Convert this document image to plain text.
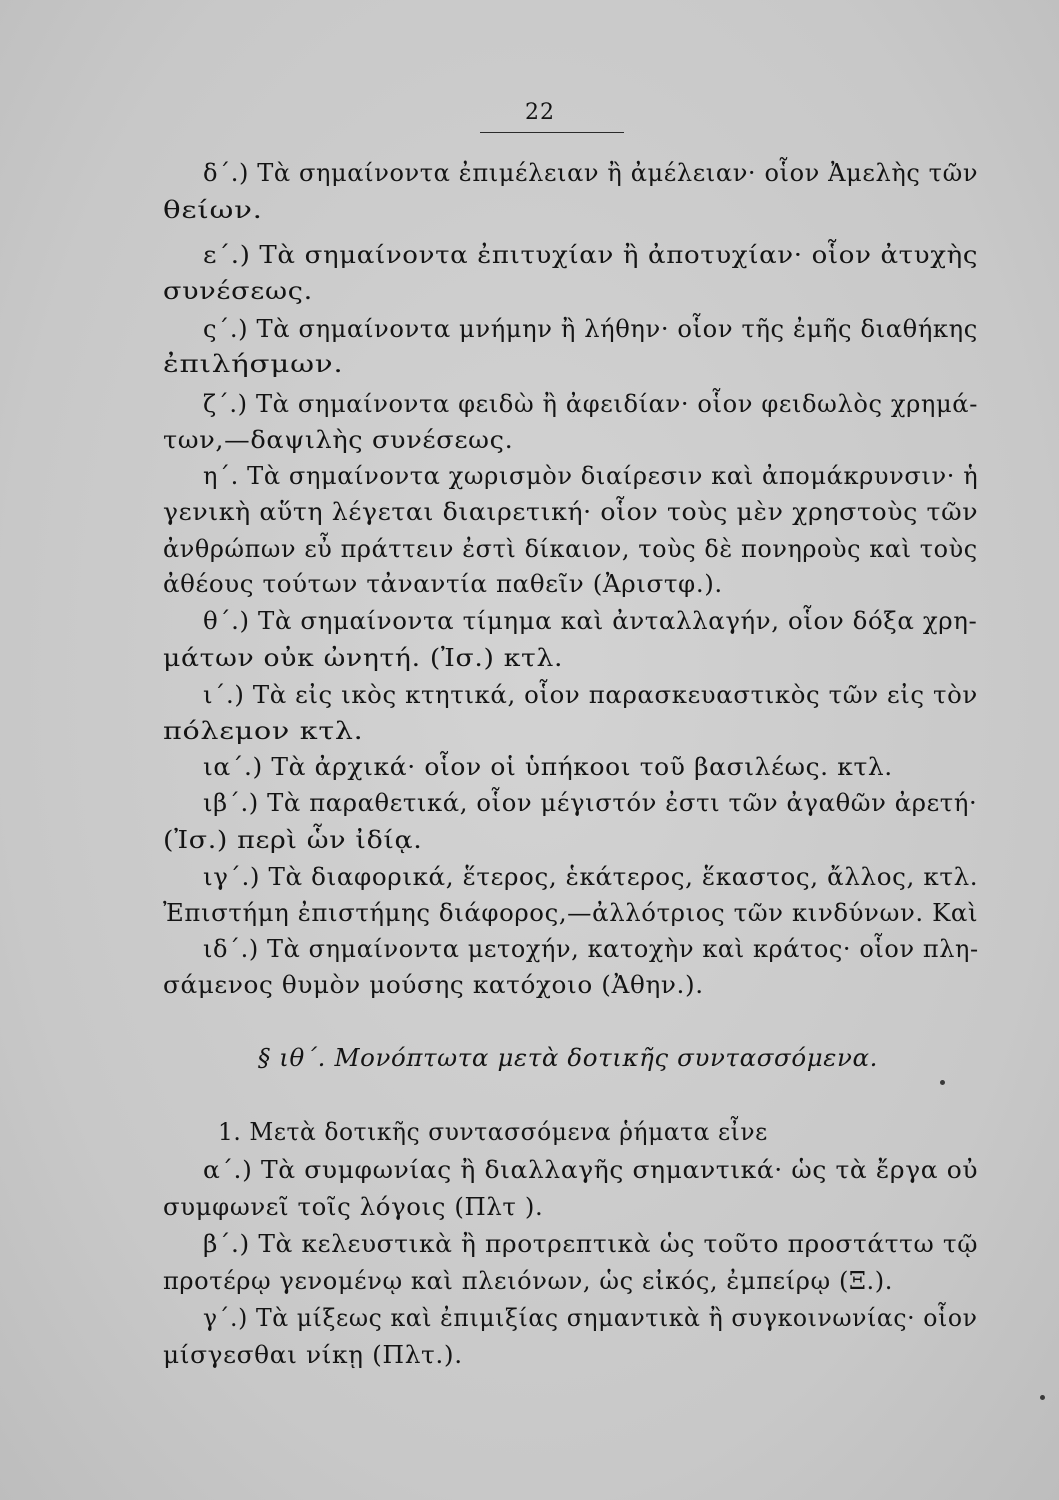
22
δ΄.) Τὰ σημαίνοντα ἐπιμέλειαν ἢ ἀμέλειαν· οἷον Ἀμελὴς τῶν
θείων.
ε΄.) Τὰ σημαίνοντα ἐπιτυχίαν ἢ ἀποτυχίαν· οἷον ἀτυχὴς
συνέσεως.
ς΄.) Τὰ σημαίνοντα μνήμην ἢ λήθην· οἷον τῆς ἐμῆς διαθήκης
ἐπιλήσμων.
ζ΄.) Τὰ σημαίνοντα φειδὼ ἢ ἀφειδίαν· οἷον φειδωλὸς χρημά-
των,—δαψιλὴς συνέσεως.
η΄. Τὰ σημαίνοντα χωρισμὸν διαίρεσιν καὶ ἀπομάκρυνσιν· ἡ
γενικὴ αὕτη λέγεται διαιρετική· οἷον τοὺς μὲν χρηστοὺς τῶν
ἀνθρώπων εὖ πράττειν ἐστὶ δίκαιον, τοὺς δὲ πονηροὺς καὶ τοὺς
ἀθέους τούτων τἀναντία παθεῖν (Ἀριστφ.).
θ΄.) Τὰ σημαίνοντα τίμημα καὶ ἀνταλλαγήν, οἷον δόξα χρη-
μάτων οὐκ ὠνητή. (Ἰσ.) κτλ.
ι΄.) Τὰ εἰς ικὸς κτητικά, οἷον παρασκευαστικὸς τῶν εἰς τὸν
πόλεμον κτλ.
ια΄.) Τὰ ἀρχικά· οἷον οἱ ὑπήκοοι τοῦ βασιλέως. κτλ.
ιβ΄.) Τὰ παραθετικά, οἷον μέγιστόν ἐστι τῶν ἀγαθῶν ἀρετή·
(Ἰσ.) περὶ ὧν ἰδίᾳ.
ιγ΄.) Τὰ διαφορικά, ἕτερος, ἑκάτερος, ἕκαστος, ἄλλος, κτλ.
Ἐπιστήμη ἐπιστήμης διάφορος,—ἀλλότριος τῶν κινδύνων. Καὶ
ιδ΄.) Τὰ σημαίνοντα μετοχήν, κατοχὴν καὶ κράτος· οἷον πλη-
σάμενος θυμὸν μούσης κατόχοιο (Ἀθην.).
§ ιθ΄. Μονόπτωτα μετὰ δοτικῆς συντασσόμενα.
1. Μετὰ δοτικῆς συντασσόμενα ῥήματα εἶνε
α΄.) Τὰ συμφωνίας ἢ διαλλαγῆς σημαντικά· ὡς τὰ ἔργα οὐ
συμφωνεῖ τοῖς λόγοις (Πλτ ).
β΄.) Τὰ κελευστικὰ ἢ προτρεπτικὰ ὡς τοῦτο προστάττω τῷ
προτέρῳ γενομένῳ καὶ πλειόνων, ὡς εἰκός, ἐμπείρῳ (Ξ.).
γ΄.) Τὰ μίξεως καὶ ἐπιμιξίας σημαντικὰ ἢ συγκοινωνίας· οἷον
μίσγεσθαι νίκῃ (Πλτ.).
